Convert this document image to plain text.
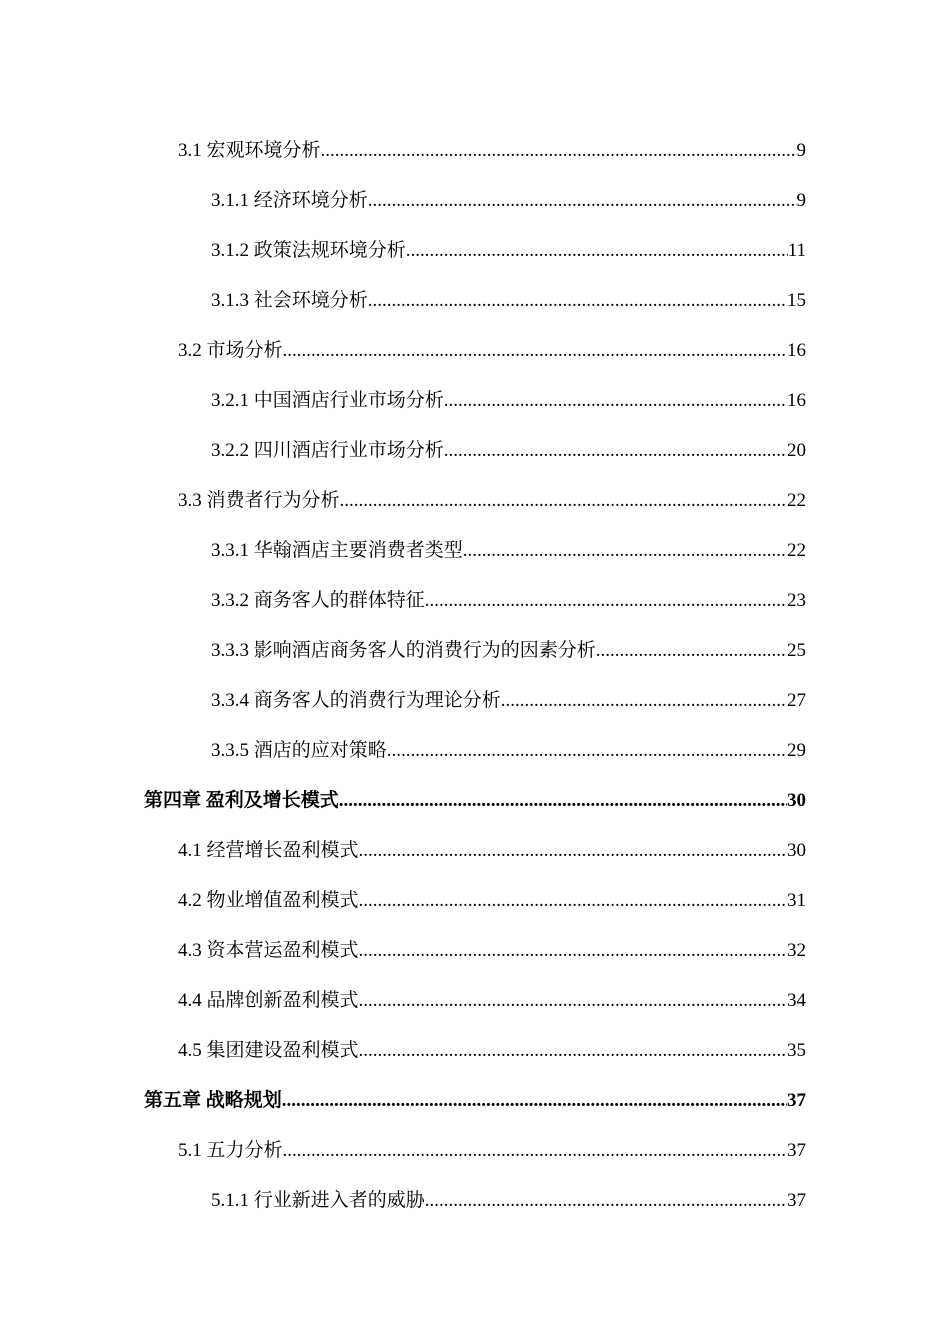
3.1 宏观环境分析 .....	9
3.1.1 经济环境分析 .....	9
3.1.2 政策法规环境分析 .....	11
3.1.3 社会环境分析 .....	15
3.2 市场分析 .....	16
3.2.1 中国酒店行业市场分析 .....	16
3.2.2 四川酒店行业市场分析 .....	20
3.3 消费者行为分析 .....	22
3.3.1 华翰酒店主要消费者类型 .....	22
3.3.2 商务客人的群体特征 .....	23
3.3.3 影响酒店商务客人的消费行为的因素分析 .....	25
3.3.4 商务客人的消费行为理论分析 .....	27
3.3.5 酒店的应对策略 .....	29
第四章 盈利及增长模式 .....	30
4.1 经营增长盈利模式 .....	30
4.2 物业增值盈利模式 .....	31
4.3 资本营运盈利模式 .....	32
4.4 品牌创新盈利模式 .....	34
4.5 集团建设盈利模式 .....	35
第五章 战略规划 .....	37
5.1 五力分析 .....	37
5.1.1 行业新进入者的威胁 .....	37
